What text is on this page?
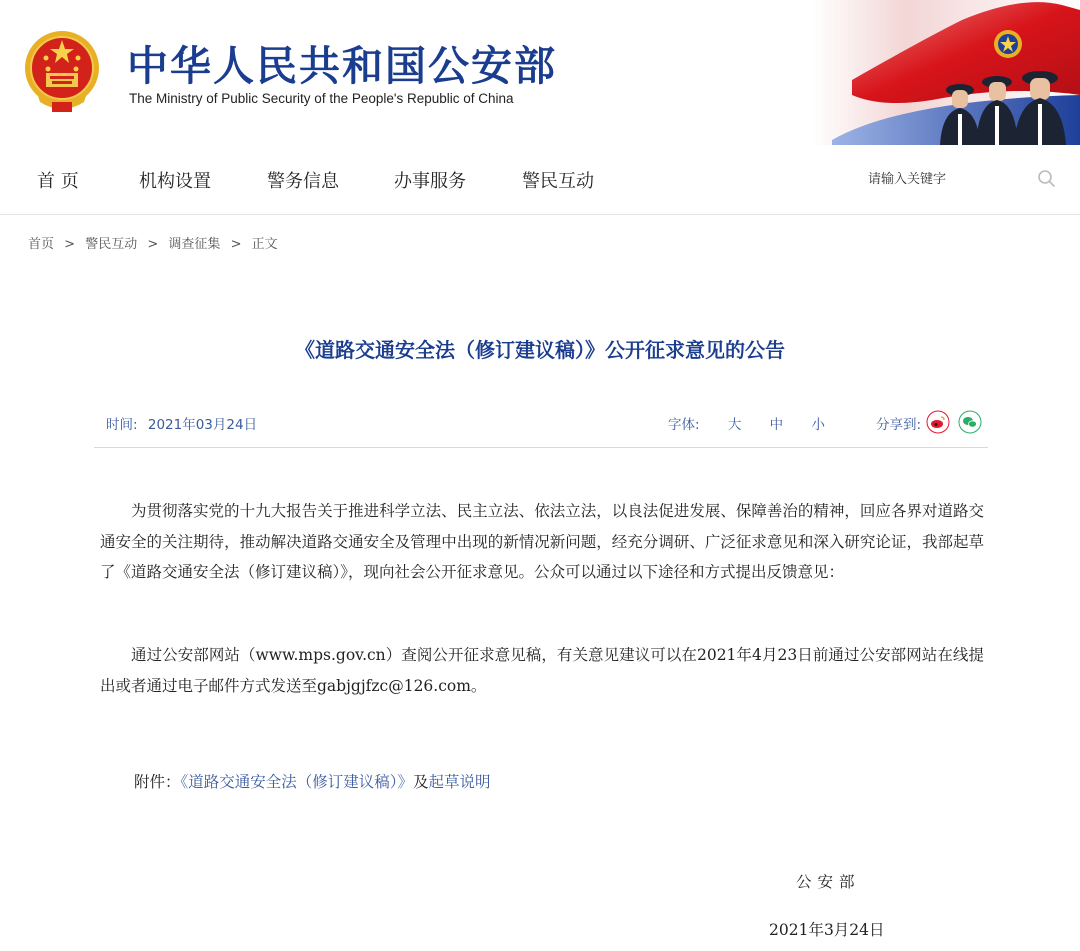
中华人民共和国公安部
The Ministry of Public Security of the People's Republic of China
首 页	机构设置	警务信息	办事服务	警民互动
请输入关键字
首页 > 警民互动 > 调查征集 > 正文
《道路交通安全法（修订建议稿）》公开征求意见的公告
时间: 2021年03月24日	字体: 大 中 小	分享到:
为贯彻落实党的十九大报告关于推进科学立法、民主立法、依法立法，以良法促进发展、保障善治的精神，回应各界对道路交通安全的关注期待，推动解决道路交通安全及管理中出现的新情况新问题，经充分调研、广泛征求意见和深入研究论证，我部起草了《道路交通安全法（修订建议稿）》，现向社会公开征求意见。公众可以通过以下途径和方式提出反馈意见：
通过公安部网站（www.mps.gov.cn）查阅公开征求意见稿，有关意见建议可以在2021年4月23日前通过公安部网站在线提出或者通过电子邮件方式发送至gabjgjfzc@126.com。
附件：《道路交通安全法（修订建议稿）》及起草说明
公安部
2021年3月24日
